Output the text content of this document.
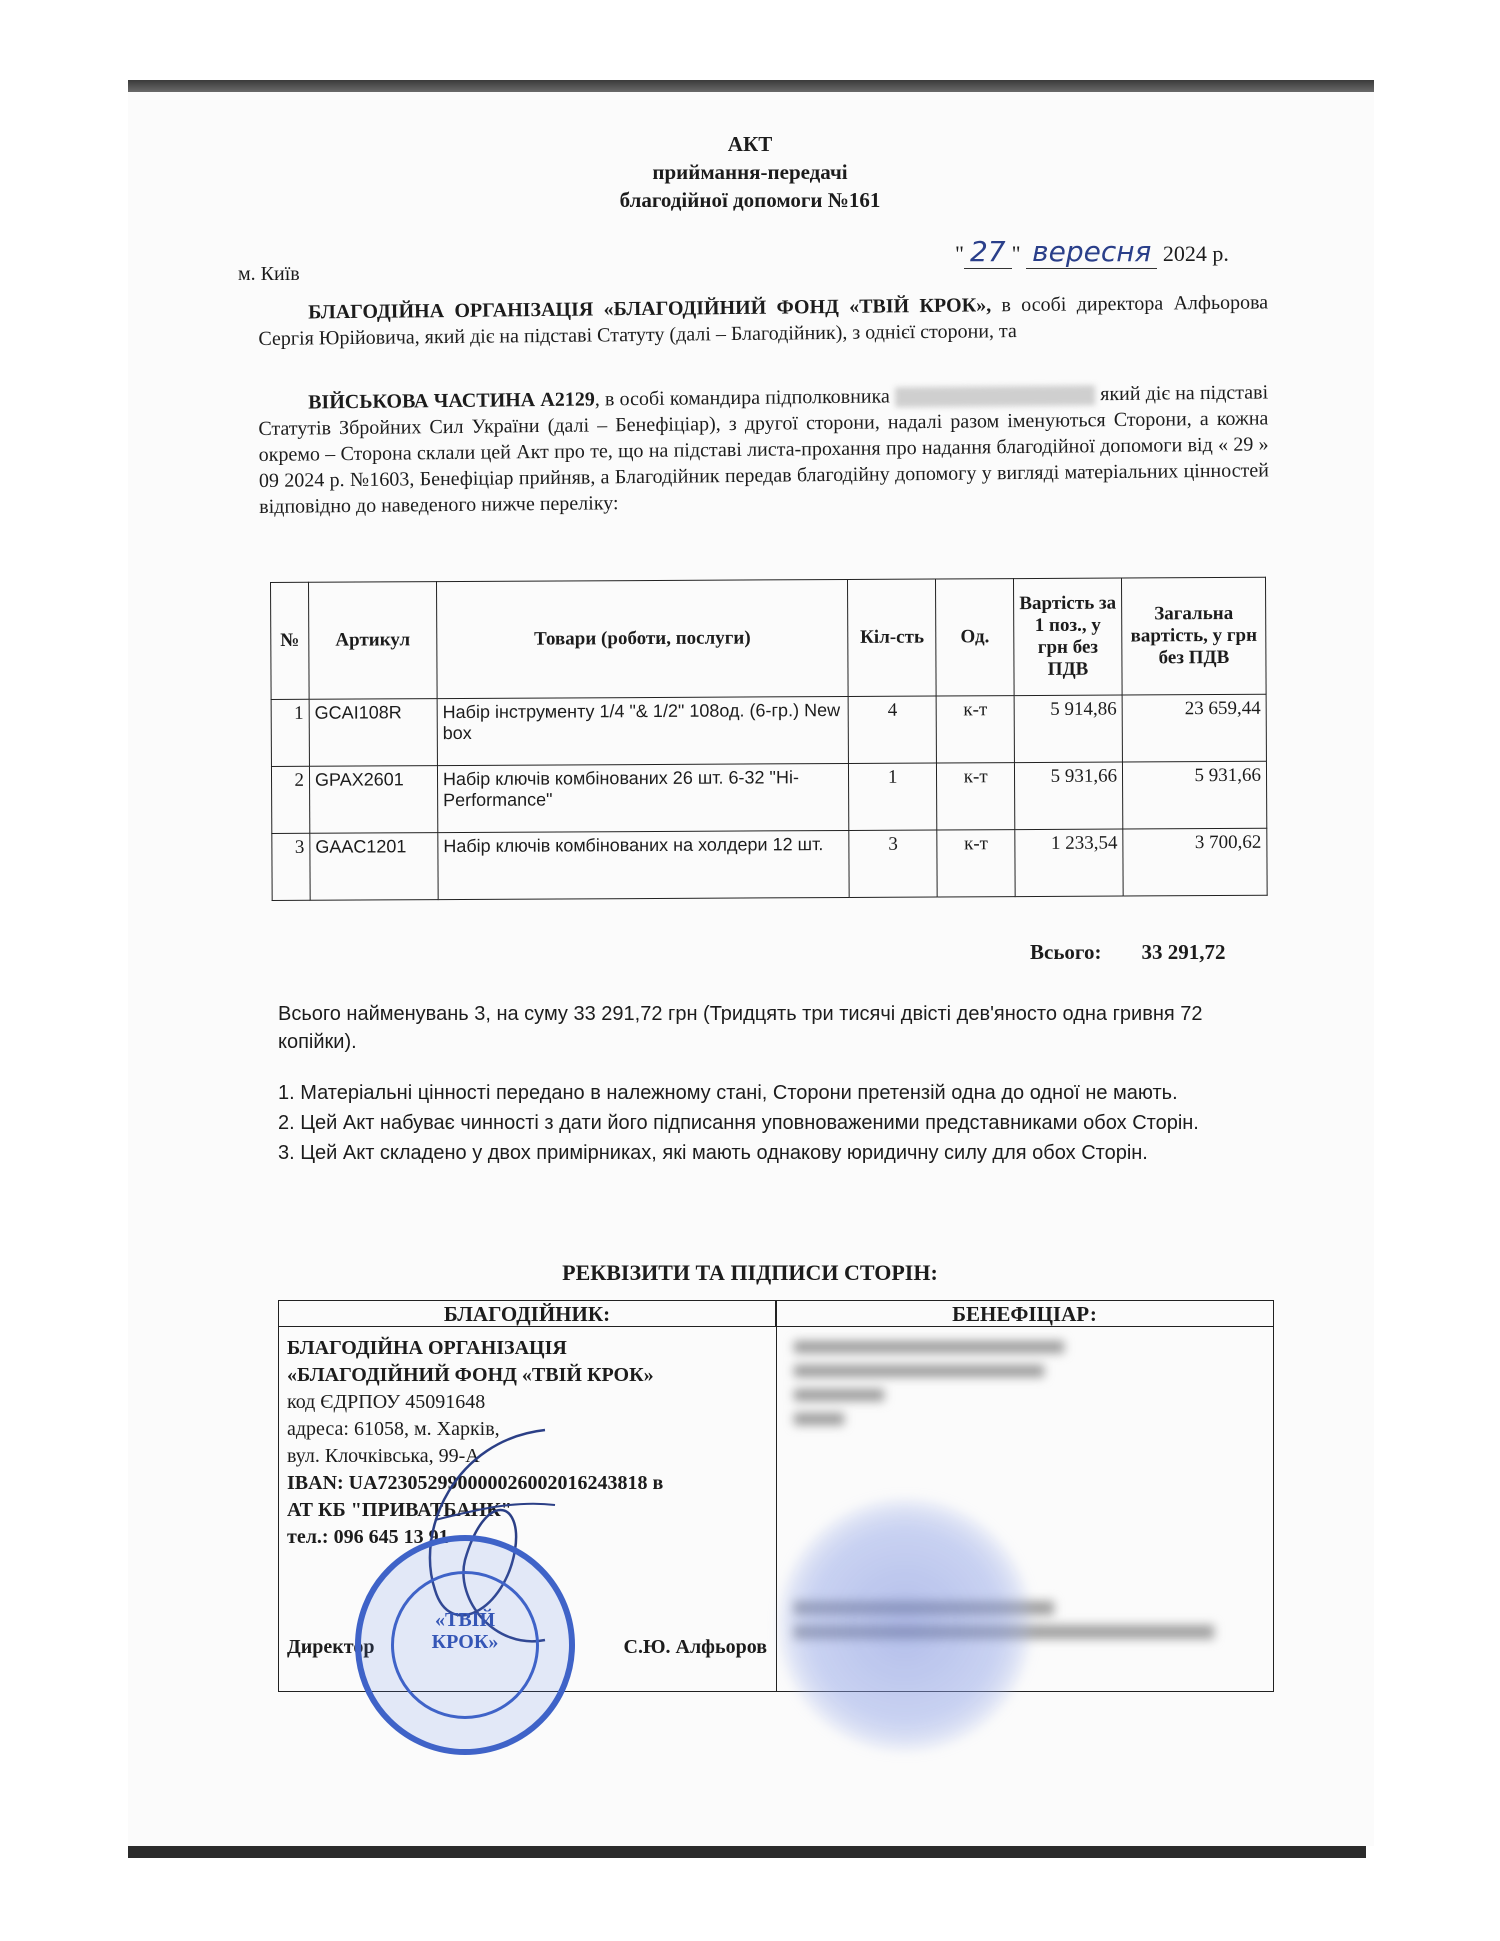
АКТ
приймання-передачі
благодійної допомоги №161
м. Київ
" 27 " вересня 2024 р.
БЛАГОДІЙНА ОРГАНІЗАЦІЯ «БЛАГОДІЙНИЙ ФОНД «ТВІЙ КРОК», в особі директора Алфьорова Сергія Юрійовича, який діє на підставі Статуту (далі – Благодійник), з однієї сторони, та
ВІЙСЬКОВА ЧАСТИНА А2129, в особі командира підполковника	який діє на підставі Статутів Збройних Сил України (далі – Бенефіціар), з другої сторони, надалі разом іменуються Сторони, а кожна окремо – Сторона склали цей Акт про те, що на підставі листа-прохання про надання благодійної допомоги від « 29 » 09 2024 р. №1603, Бенефіціар прийняв, а Благодійник передав благодійну допомогу у вигляді матеріальних цінностей відповідно до наведеного нижче переліку:
№	Артикул	Товари (роботи, послуги)	Кіл-сть	Од.	Вартість за 1 поз., у грн без ПДВ	Загальна вартість, у грн без ПДВ
1	GCAI108R	Набір інструменту 1/4 "& 1/2" 108од. (6-гр.) New box	4	к-т	5 914,86	23 659,44
2	GPAX2601	Набір ключів комбінованих 26 шт. 6-32 "Hi-Performance"	1	к-т	5 931,66	5 931,66
3	GAAC1201	Набір ключів комбінованих на холдери 12 шт.	3	к-т	1 233,54	3 700,62
Всього: 33 291,72
Всього найменувань 3, на суму 33 291,72 грн (Тридцять три тисячі двісті дев'яносто одна гривня 72 копійки).
1. Матеріальні цінності передано в належному стані, Сторони претензій одна до одної не мають.
2. Цей Акт набуває чинності з дати його підписання уповноваженими представниками обох Сторін.
3. Цей Акт складено у двох примірниках, які мають однакову юридичну силу для обох Сторін.
РЕКВІЗИТИ ТА ПІДПИСИ СТОРІН:
БЛАГОДІЙНИК:	БЕНЕФІЦІАР:
БЛАГОДІЙНА ОРГАНІЗАЦІЯ
«БЛАГОДІЙНИЙ ФОНД «ТВІЙ КРОК»
код ЄДРПОУ 45091648
адреса: 61058, м. Харків,
вул. Клочківська, 99-А
IBAN: UA723052990000026002016243818 в
АТ КБ "ПРИВАТБАНК"
тел.: 096 645 13 91
Директор	С.Ю. Алфьоров
«ТВІЙ
КРОК»
